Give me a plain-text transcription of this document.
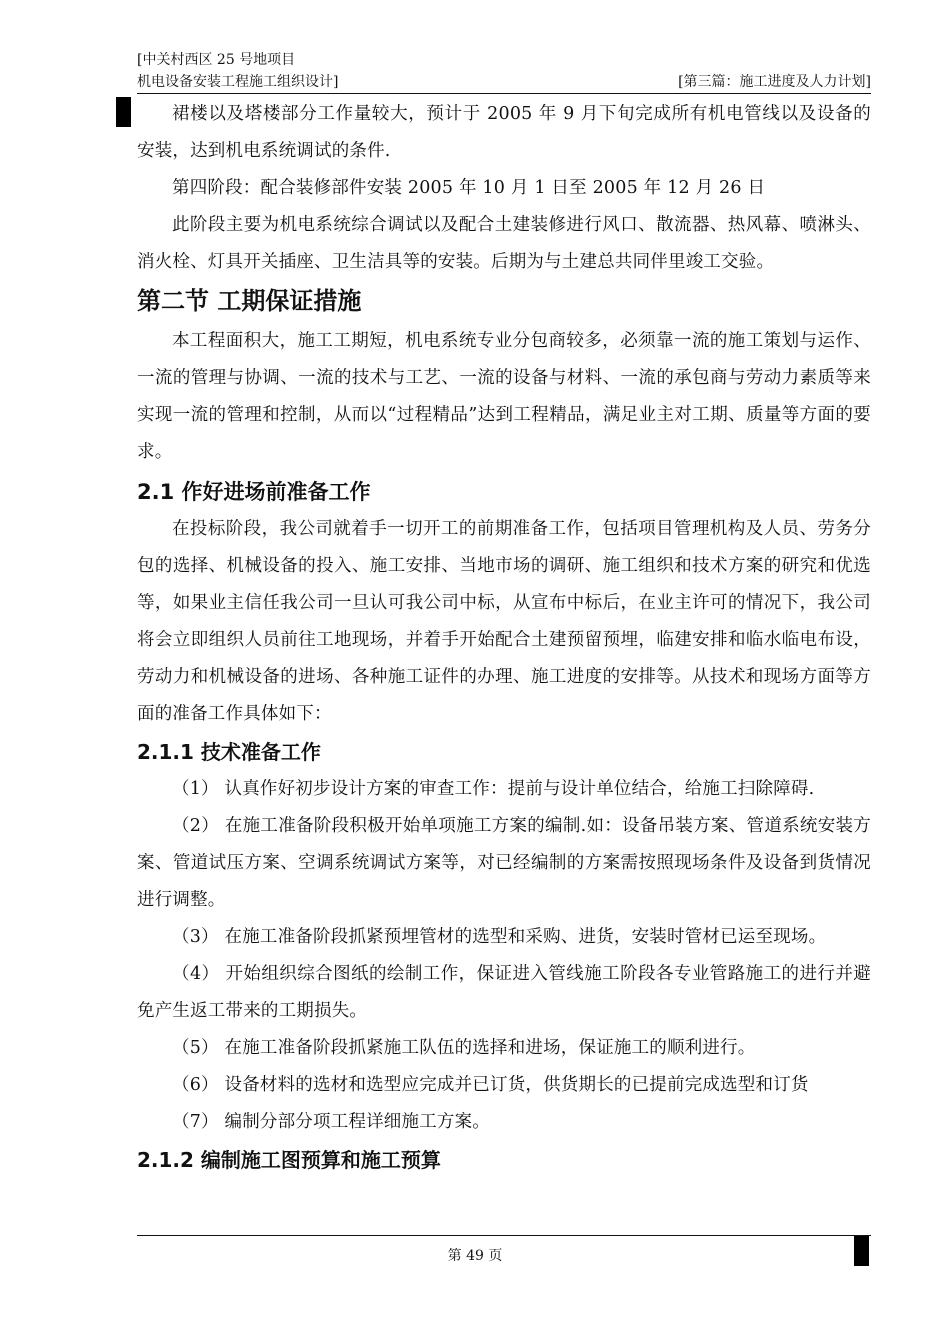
[中关村西区 25 号地项目
机电设备安装工程施工组织设计]	[第三篇：施工进度及人力计划]

裙楼以及塔楼部分工作量较大，预计于 2005 年 9 月下旬完成所有机电管线以及设备的安装，达到机电系统调试的条件.

第四阶段：配合装修部件安装 2005 年 10 月 1 日至 2005 年 12 月 26 日

此阶段主要为机电系统综合调试以及配合土建装修进行风口、散流器、热风幕、喷淋头、消火栓、灯具开关插座、卫生洁具等的安装。后期为与土建总共同伴里竣工交验。

第二节 工期保证措施

本工程面积大，施工工期短，机电系统专业分包商较多，必须靠一流的施工策划与运作、一流的管理与协调、一流的技术与工艺、一流的设备与材料、一流的承包商与劳动力素质等来实现一流的管理和控制，从而以“过程精品”达到工程精品，满足业主对工期、质量等方面的要求。

2.1 作好进场前准备工作

在投标阶段，我公司就着手一切开工的前期准备工作，包括项目管理机构及人员、劳务分包的选择、机械设备的投入、施工安排、当地市场的调研、施工组织和技术方案的研究和优选等，如果业主信任我公司一旦认可我公司中标，从宣布中标后，在业主许可的情况下，我公司将会立即组织人员前往工地现场，并着手开始配合土建预留预埋，临建安排和临水临电布设，劳动力和机械设备的进场、各种施工证件的办理、施工进度的安排等。从技术和现场方面等方面的准备工作具体如下：

2.1.1 技术准备工作

（1） 认真作好初步设计方案的审查工作：提前与设计单位结合，给施工扫除障碍.

（2） 在施工准备阶段积极开始单项施工方案的编制.如：设备吊装方案、管道系统安装方案、管道试压方案、空调系统调试方案等，对已经编制的方案需按照现场条件及设备到货情况进行调整。

（3） 在施工准备阶段抓紧预埋管材的选型和采购、进货，安装时管材已运至现场。

（4） 开始组织综合图纸的绘制工作，保证进入管线施工阶段各专业管路施工的进行并避免产生返工带来的工期损失。

（5） 在施工准备阶段抓紧施工队伍的选择和进场，保证施工的顺利进行。

（6） 设备材料的选材和选型应完成并已订货，供货期长的已提前完成选型和订货

（7） 编制分部分项工程详细施工方案。

2.1.2 编制施工图预算和施工预算
第 49 页
